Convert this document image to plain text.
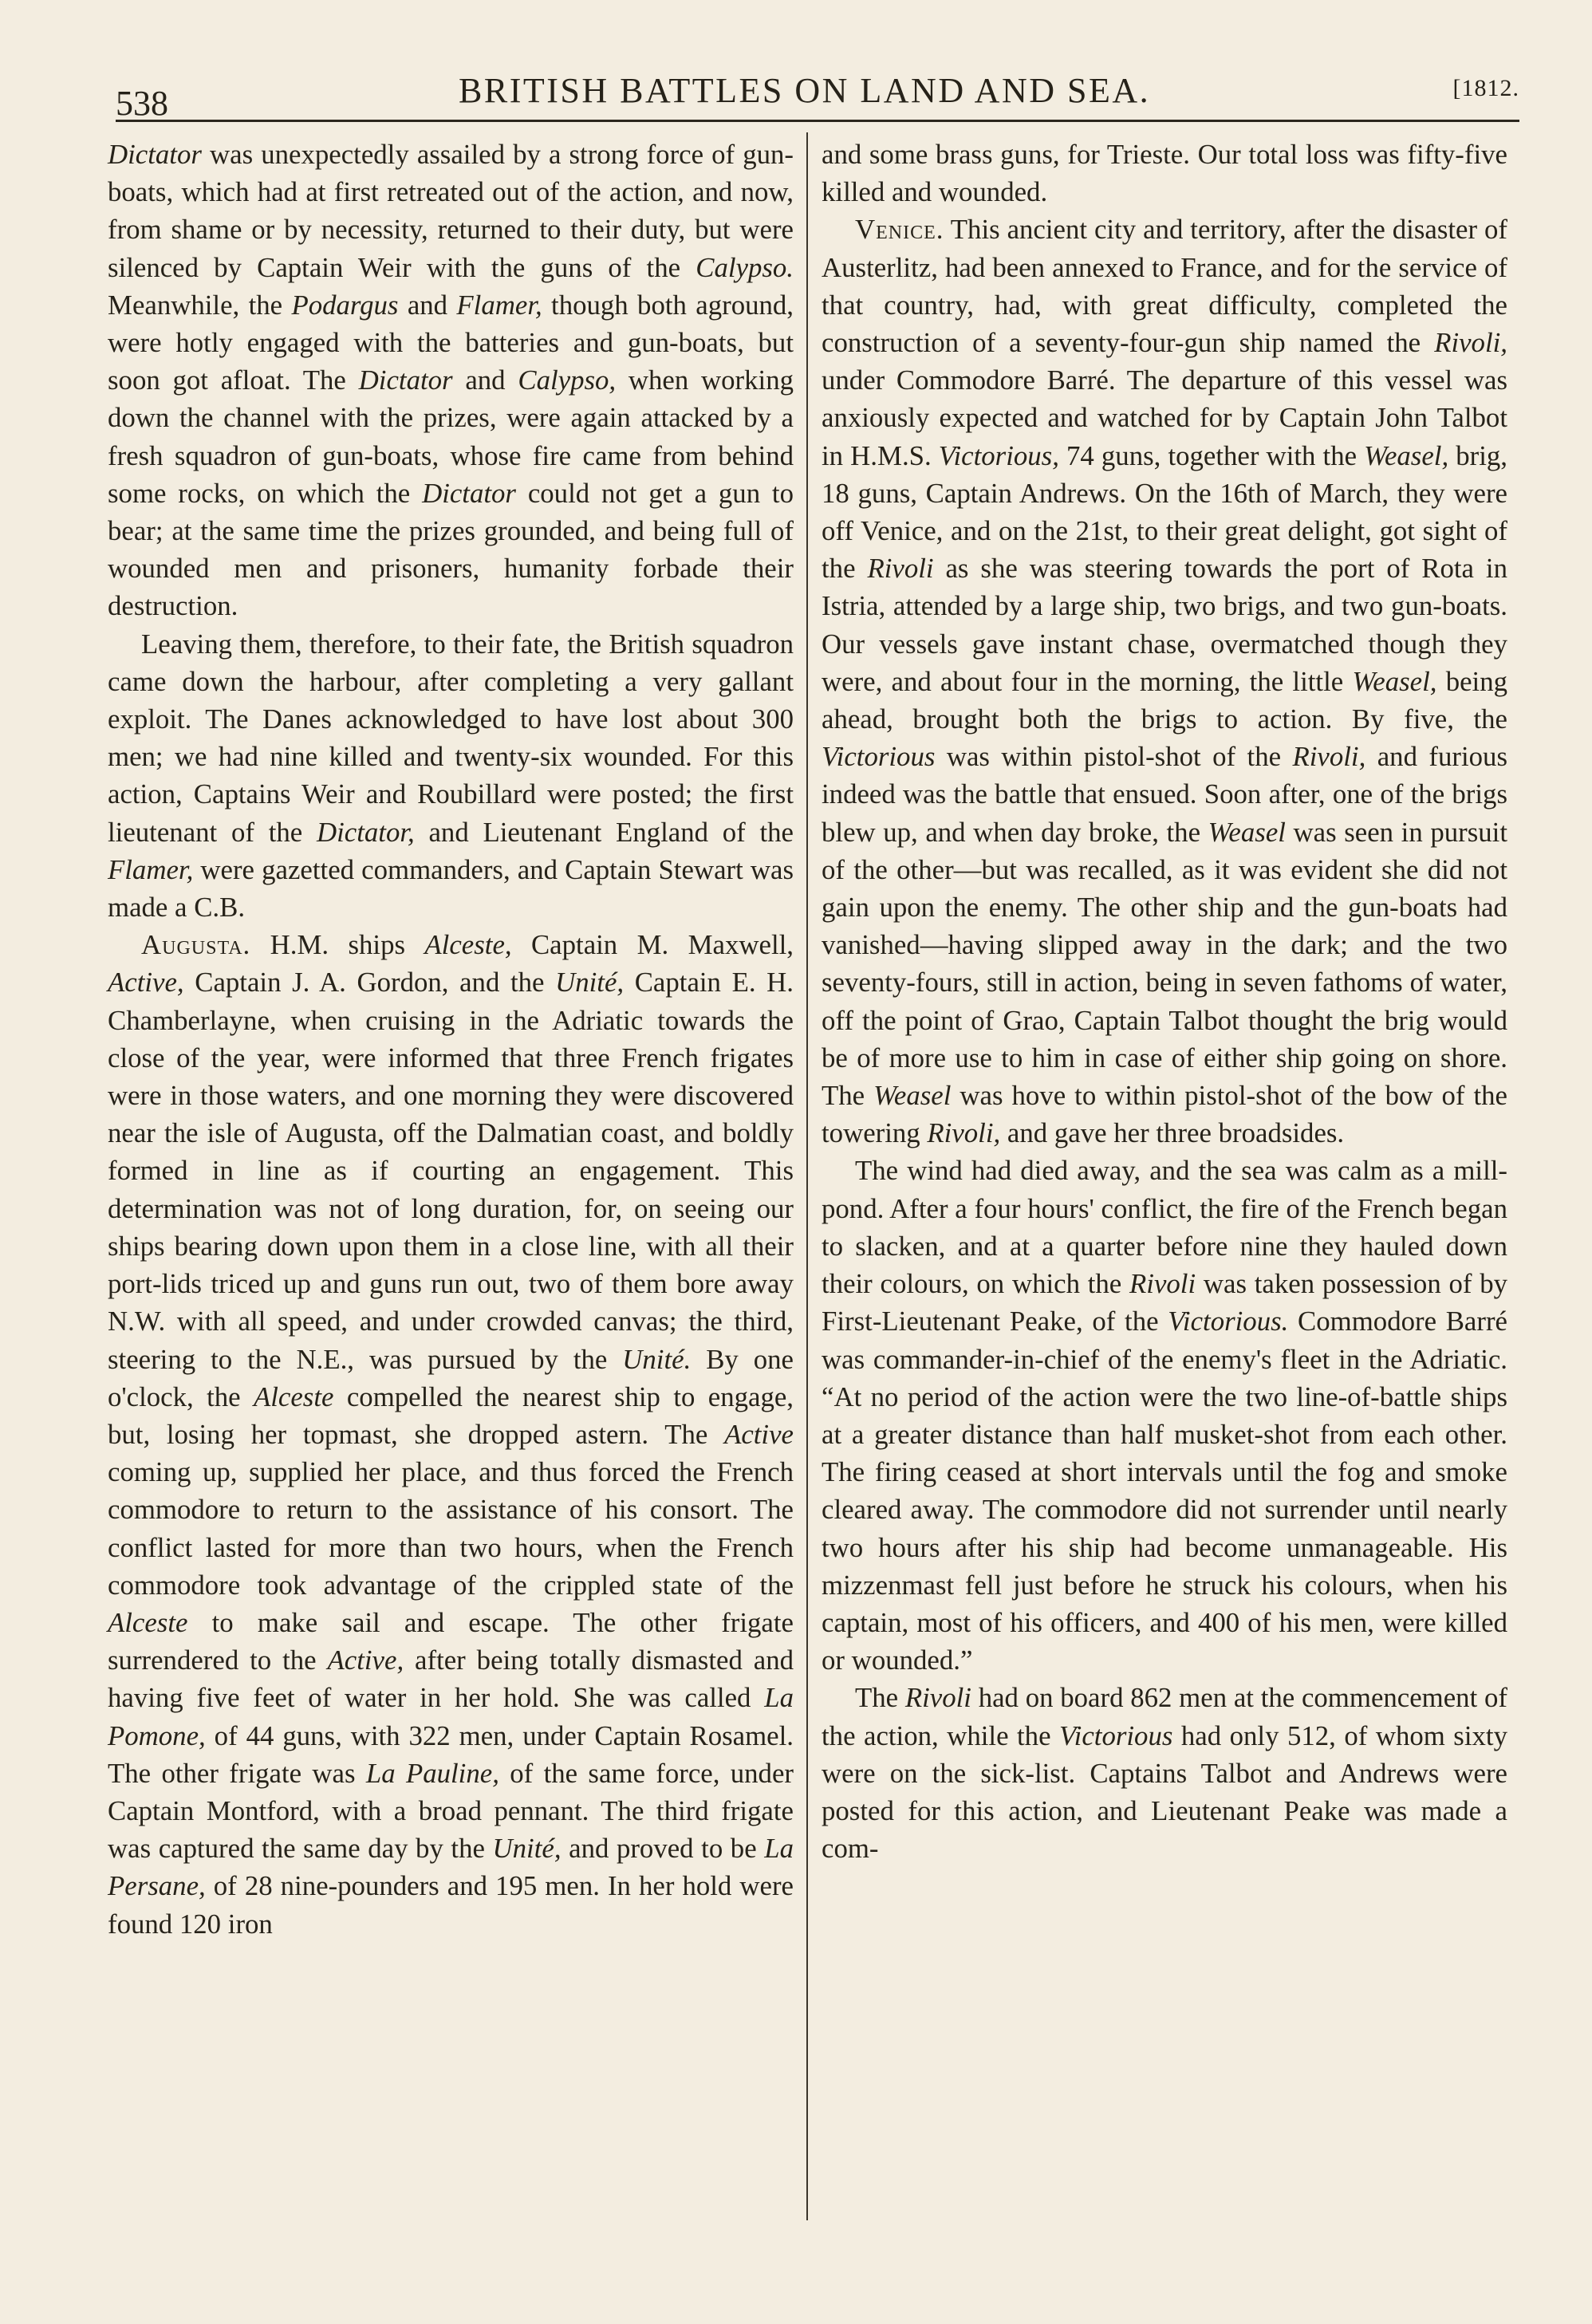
538	BRITISH BATTLES ON LAND AND SEA.	[1812.

Dictator was unexpectedly assailed by a strong force of gun-boats, which had at first retreated out of the action, and now, from shame or by necessity, returned to their duty, but were silenced by Captain Weir with the guns of the Calypso. Meanwhile, the Podargus and Flamer, though both aground, were hotly engaged with the batteries and gun-boats, but soon got afloat. The Dictator and Calypso, when working down the channel with the prizes, were again attacked by a fresh squadron of gun-boats, whose fire came from behind some rocks, on which the Dictator could not get a gun to bear; at the same time the prizes grounded, and being full of wounded men and prisoners, humanity forbade their destruction.

Leaving them, therefore, to their fate, the British squadron came down the harbour, after completing a very gallant exploit. The Danes acknowledged to have lost about 300 men; we had nine killed and twenty-six wounded. For this action, Captains Weir and Roubillard were posted; the first lieutenant of the Dictator, and Lieutenant England of the Flamer, were gazetted commanders, and Captain Stewart was made a C.B.

Augusta. H.M. ships Alceste, Captain M. Maxwell, Active, Captain J. A. Gordon, and the Unité, Captain E. H. Chamberlayne, when cruising in the Adriatic towards the close of the year, were informed that three French frigates were in those waters, and one morning they were discovered near the isle of Augusta, off the Dalmatian coast, and boldly formed in line as if courting an engagement. This determination was not of long duration, for, on seeing our ships bearing down upon them in a close line, with all their port-lids triced up and guns run out, two of them bore away N.W. with all speed, and under crowded canvas; the third, steering to the N.E., was pursued by the Unité. By one o'clock, the Alceste compelled the nearest ship to engage, but, losing her topmast, she dropped astern. The Active coming up, supplied her place, and thus forced the French commodore to return to the assistance of his consort. The conflict lasted for more than two hours, when the French commodore took advantage of the crippled state of the Alceste to make sail and escape. The other frigate surrendered to the Active, after being totally dismasted and having five feet of water in her hold. She was called La Pomone, of 44 guns, with 322 men, under Captain Rosamel. The other frigate was La Pauline, of the same force, under Captain Montford, with a broad pennant. The third frigate was captured the same day by the Unité, and proved to be La Persane, of 28 nine-pounders and 195 men. In her hold were found 120 iron

and some brass guns, for Trieste. Our total loss was fifty-five killed and wounded.

Venice. This ancient city and territory, after the disaster of Austerlitz, had been annexed to France, and for the service of that country, had, with great difficulty, completed the construction of a seventy-four-gun ship named the Rivoli, under Commodore Barré. The departure of this vessel was anxiously expected and watched for by Captain John Talbot in H.M.S. Victorious, 74 guns, together with the Weasel, brig, 18 guns, Captain Andrews. On the 16th of March, they were off Venice, and on the 21st, to their great delight, got sight of the Rivoli as she was steering towards the port of Rota in Istria, attended by a large ship, two brigs, and two gun-boats. Our vessels gave instant chase, overmatched though they were, and about four in the morning, the little Weasel, being ahead, brought both the brigs to action. By five, the Victorious was within pistol-shot of the Rivoli, and furious indeed was the battle that ensued. Soon after, one of the brigs blew up, and when day broke, the Weasel was seen in pursuit of the other—but was recalled, as it was evident she did not gain upon the enemy. The other ship and the gun-boats had vanished—having slipped away in the dark; and the two seventy-fours, still in action, being in seven fathoms of water, off the point of Grao, Captain Talbot thought the brig would be of more use to him in case of either ship going on shore. The Weasel was hove to within pistol-shot of the bow of the towering Rivoli, and gave her three broadsides.

The wind had died away, and the sea was calm as a mill-pond. After a four hours' conflict, the fire of the French began to slacken, and at a quarter before nine they hauled down their colours, on which the Rivoli was taken possession of by First-Lieutenant Peake, of the Victorious. Commodore Barré was commander-in-chief of the enemy's fleet in the Adriatic. “At no period of the action were the two line-of-battle ships at a greater distance than half musket-shot from each other. The firing ceased at short intervals until the fog and smoke cleared away. The commodore did not surrender until nearly two hours after his ship had become unmanageable. His mizzenmast fell just before he struck his colours, when his captain, most of his officers, and 400 of his men, were killed or wounded.”

The Rivoli had on board 862 men at the commencement of the action, while the Victorious had only 512, of whom sixty were on the sick-list. Captains Talbot and Andrews were posted for this action, and Lieutenant Peake was made a com-
